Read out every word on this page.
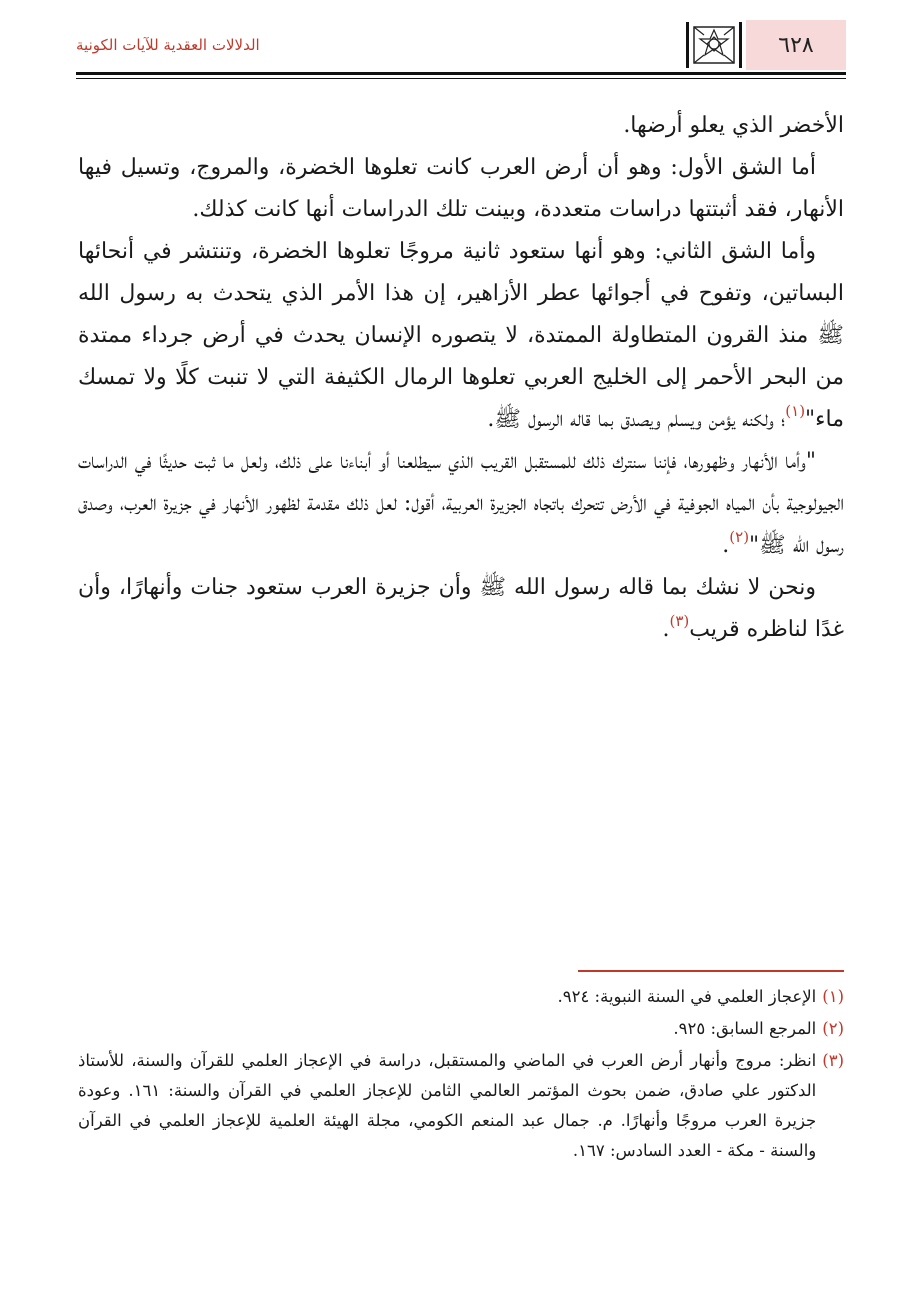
الدلالات العقدية للآيات الكونية	٦٢٨

الأخضر الذي يعلو أرضها.

أما الشق الأول: وهو أن أرض العرب كانت تعلوها الخضرة، والمروج، وتسيل فيها الأنهار، فقد أثبتتها دراسات متعددة، وبينت تلك الدراسات أنها كانت كذلك.

وأما الشق الثاني: وهو أنها ستعود ثانية مروجًا تعلوها الخضرة، وتنتشر في أنحائها البساتين، وتفوح في أجوائها عطر الأزاهير، إن هذا الأمر الذي يتحدث به رسول الله ﷺ منذ القرون المتطاولة الممتدة، لا يتصوره الإنسان يحدث في أرض جرداء ممتدة من البحر الأحمر إلى الخليج العربي تعلوها الرمال الكثيفة التي لا تنبت كلًا ولا تمسك ماء"$^{(١)}$؛ ولكنه يؤمن ويسلم ويصدق بما قاله الرسول ﷺ.

"وأما الأنهار وظهورها، فإننا سنترك ذلك للمستقبل القريب الذي سيطلعنا أو أبناءنا على ذلك، ولعل ما ثبت حديثًا في الدراسات الجيولوجية بأن المياه الجوفية في الأرض تتحرك باتجاه الجزيرة العربية، أقول: لعل ذلك مقدمة لظهور الأنهار في جزيرة العرب، وصدق رسول الله ﷺ"$^{(٢)}$.

ونحن لا نشك بما قاله رسول الله ﷺ وأن جزيرة العرب ستعود جنات وأنهارًا، وأن غدًا لناظره قريب$^{(٣)}$.

(١)
الإعجاز العلمي في السنة النبوية: ٩٢٤.
(٢)
المرجع السابق: ٩٢٥.
(٣)
انظر: مروج وأنهار أرض العرب في الماضي والمستقبل، دراسة في الإعجاز العلمي للقرآن والسنة، للأستاذ الدكتور علي صادق، ضمن بحوث المؤتمر العالمي الثامن للإعجاز العلمي في القرآن والسنة: ١٦١. وعودة جزيرة العرب مروجًا وأنهارًا. م. جمال عبد المنعم الكومي، مجلة الهيئة العلمية للإعجاز العلمي في القرآن والسنة - مكة - العدد السادس: ١٦٧.
